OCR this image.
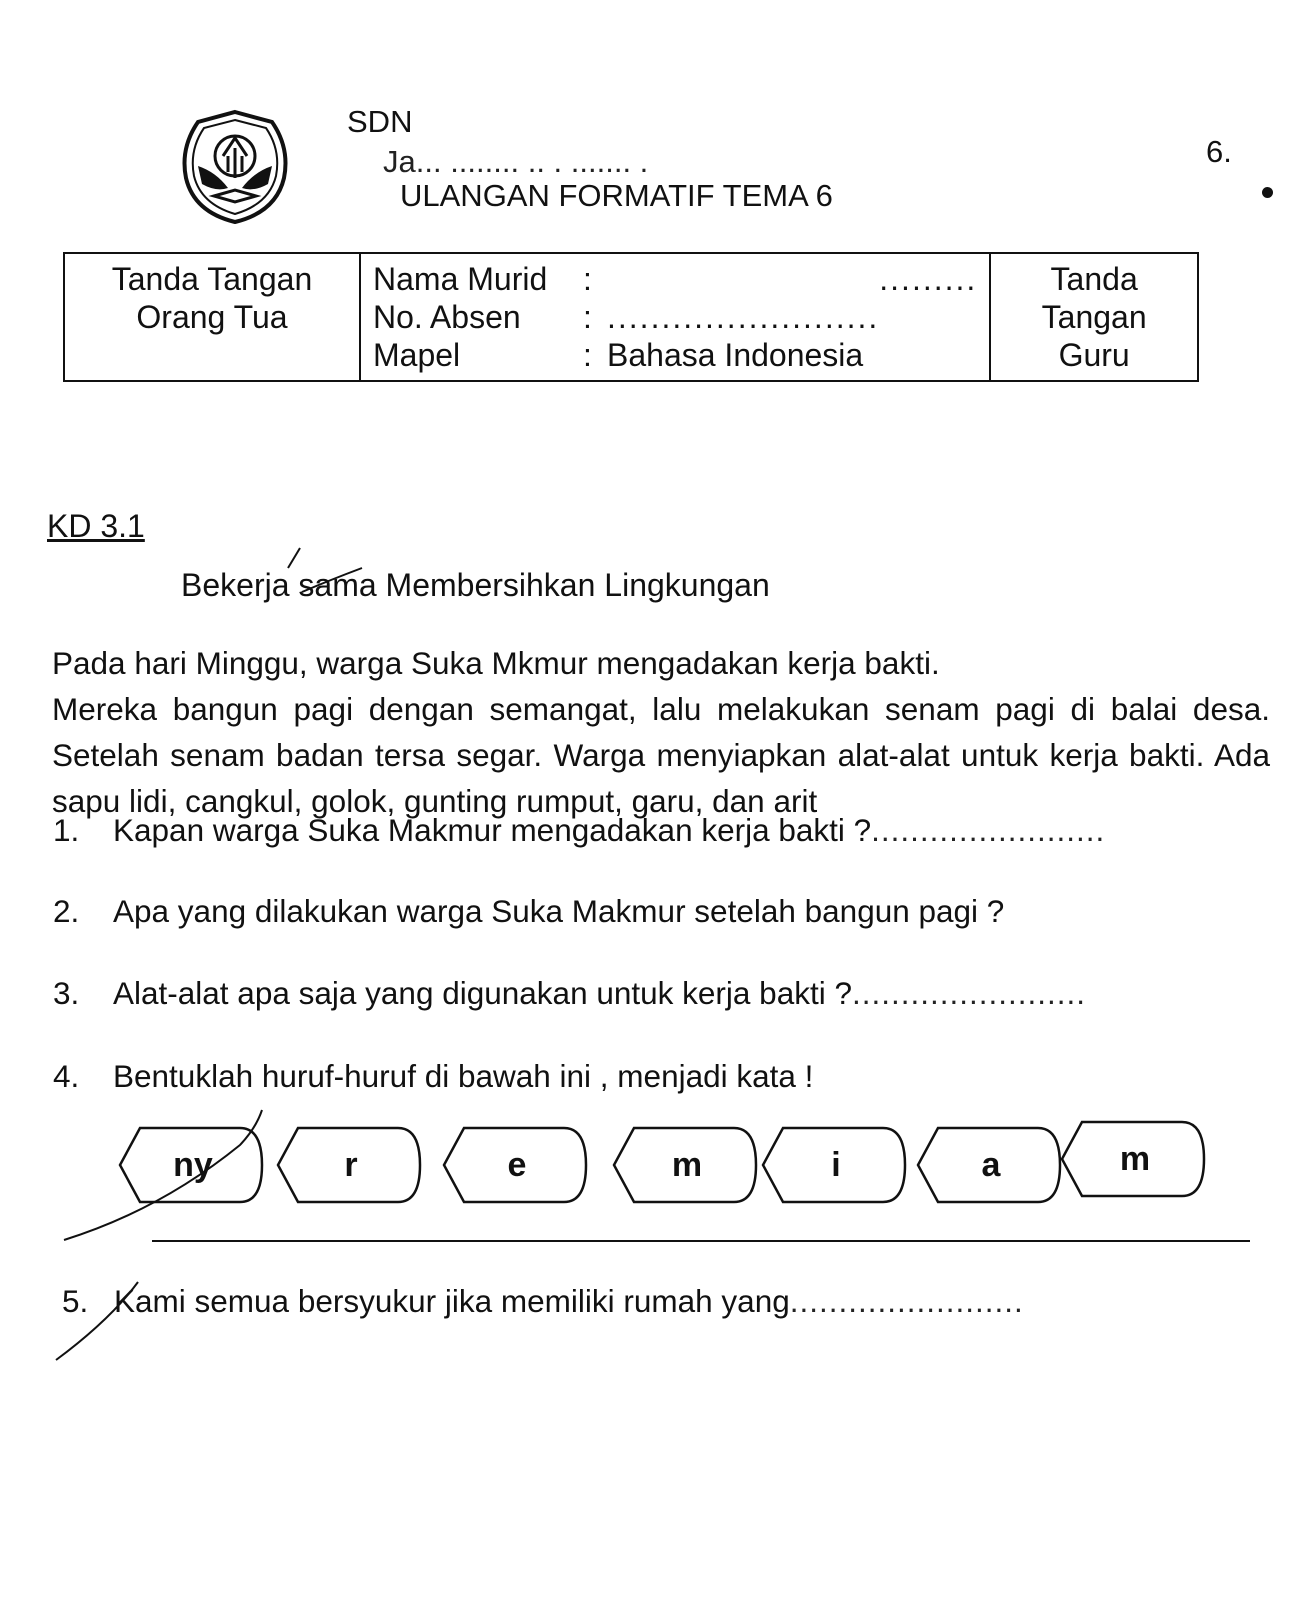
SDN
Ja... ........ .. . ....... .
ULANGAN FORMATIF TEMA 6
6.
Tanda Tangan
Orang Tua

Nama Murid	: .........
No. Absen	: .........................
Mapel	: Bahasa Indonesia

Tanda Tangan
Guru
KD 3.1
Bekerja sama Membersihkan Lingkungan

Pada hari Minggu, warga Suka Mkmur mengadakan kerja bakti.

Mereka bangun pagi dengan semangat, lalu melakukan senam pagi di balai desa. Setelah senam badan tersa segar. Warga menyiapkan alat-alat untuk kerja bakti. Ada sapu lidi, cangkul, golok, gunting rumput, garu, dan arit

1.	Kapan warga Suka Makmur mengadakan kerja bakti ? ........................
2.	Apa yang dilakukan warga Suka Makmur setelah bangun pagi ?
3.	Alat-alat apa saja yang digunakan untuk kerja bakti ? ........................
4.	Bentuklah huruf-huruf di bawah ini , menjadi kata !
ny	r	e	m	i	a	m
5. Kami semua bersyukur jika memiliki rumah yang ........................
